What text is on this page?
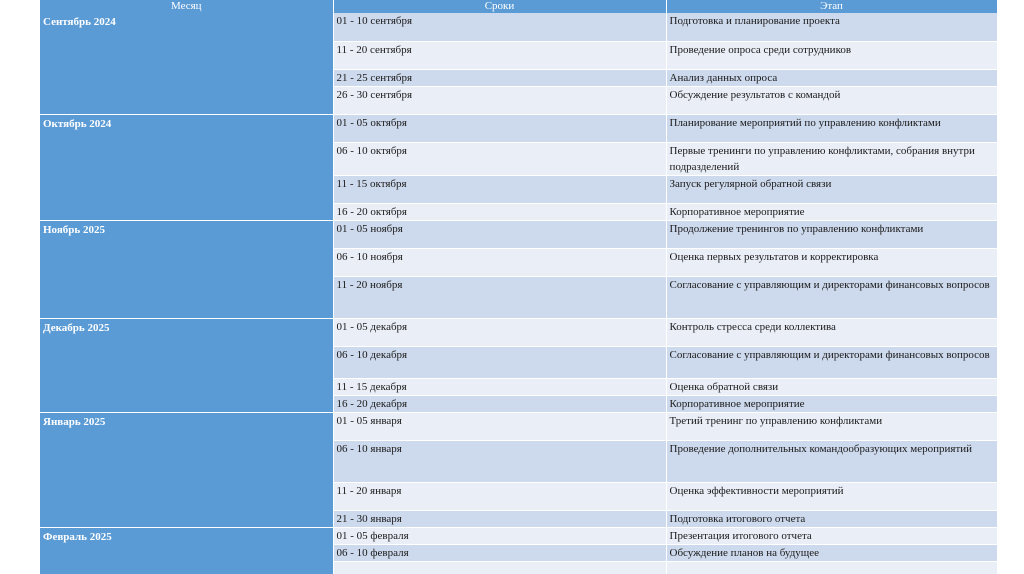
Месяц	Сроки	Этап
Сентябрь 2024	01 - 10 сентября	Подготовка и планирование проекта
	11 - 20 сентября	Проведение опроса среди сотрудников
	21 - 25 сентября	Анализ данных опроса
	26 - 30 сентября	Обсуждение результатов с командой
Октябрь 2024	01 - 05 октября	Планирование мероприятий по управлению конфликтами
	06 - 10 октября	Первые тренинги по управлению конфликтами, собрания внутри подразделений
	11 - 15 октября	Запуск регулярной обратной связи
	16 - 20 октября	Корпоративное мероприятие
Ноябрь 2025	01 - 05 ноября	Продолжение тренингов по управлению конфликтами
	06 - 10 ноября	Оценка первых результатов и корректировка
	11 - 20 ноября	Согласование с управляющим и директорами финансовых вопросов
Декабрь 2025	01 - 05 декабря	Контроль стресса среди коллектива
	06 - 10 декабря	Согласование с управляющим и директорами финансовых вопросов
	11 - 15 декабря	Оценка обратной связи
	16 - 20 декабря	Корпоративное мероприятие
Январь 2025	01 - 05 января	Третий тренинг по управлению конфликтами
	06 - 10 января	Проведение дополнительных командообразующих мероприятий
	11 - 20 января	Оценка эффективности мероприятий
	21 - 30 января	Подготовка итогового отчета
Февраль 2025	01 - 05 февраля	Презентация итогового отчета
	06 - 10 февраля	Обсуждение планов на будущее
